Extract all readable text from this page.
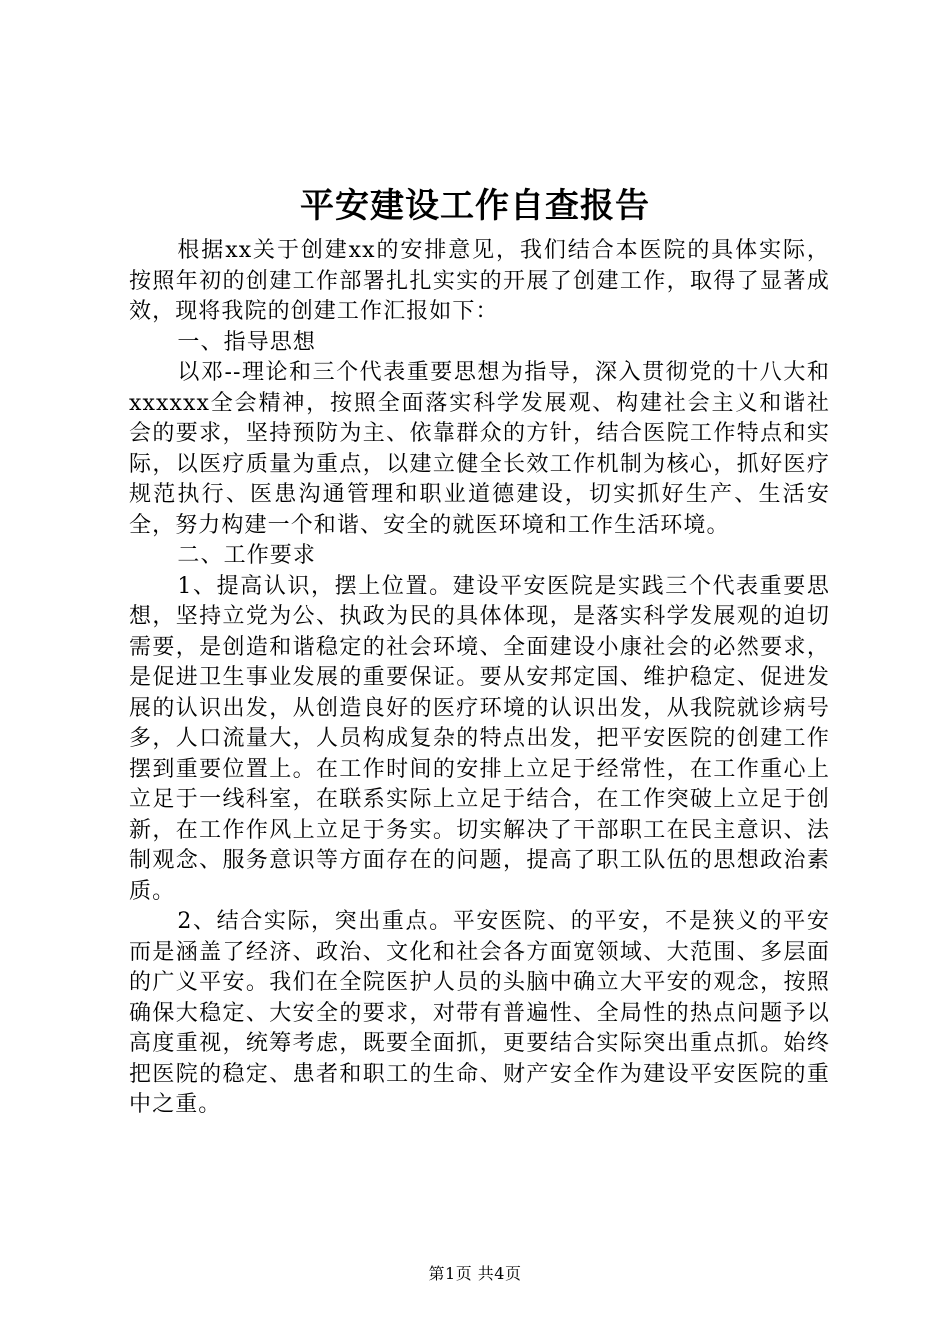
平安建设工作自查报告

根据xx关于创建xx的安排意见，我们结合本医院的具体实际，按照年初的创建工作部署扎扎实实的开展了创建工作，取得了显著成效，现将我院的创建工作汇报如下：

一、指导思想

以邓--理论和三个代表重要思想为指导，深入贯彻党的十八大和xxxxxx全会精神，按照全面落实科学发展观、构建社会主义和谐社会的要求，坚持预防为主、依靠群众的方针，结合医院工作特点和实际，以医疗质量为重点，以建立健全长效工作机制为核心，抓好医疗规范执行、医患沟通管理和职业道德建设，切实抓好生产、生活安全，努力构建一个和谐、安全的就医环境和工作生活环境。

二、工作要求

1、提高认识，摆上位置。建设平安医院是实践三个代表重要思想，坚持立党为公、执政为民的具体体现，是落实科学发展观的迫切需要，是创造和谐稳定的社会环境、全面建设小康社会的必然要求，是促进卫生事业发展的重要保证。要从安邦定国、维护稳定、促进发展的认识出发，从创造良好的医疗环境的认识出发，从我院就诊病号多，人口流量大，人员构成复杂的特点出发，把平安医院的创建工作摆到重要位置上。在工作时间的安排上立足于经常性，在工作重心上立足于一线科室，在联系实际上立足于结合，在工作突破上立足于创新，在工作作风上立足于务实。切实解决了干部职工在民主意识、法制观念、服务意识等方面存在的问题，提高了职工队伍的思想政治素质。

2、结合实际，突出重点。平安医院、的平安，不是狭义的平安而是涵盖了经济、政治、文化和社会各方面宽领域、大范围、多层面的广义平安。我们在全院医护人员的头脑中确立大平安的观念，按照确保大稳定、大安全的要求，对带有普遍性、全局性的热点问题予以高度重视，统筹考虑，既要全面抓，更要结合实际突出重点抓。始终把医院的稳定、患者和职工的生命、财产安全作为建设平安医院的重中之重。

第1页 共4页
